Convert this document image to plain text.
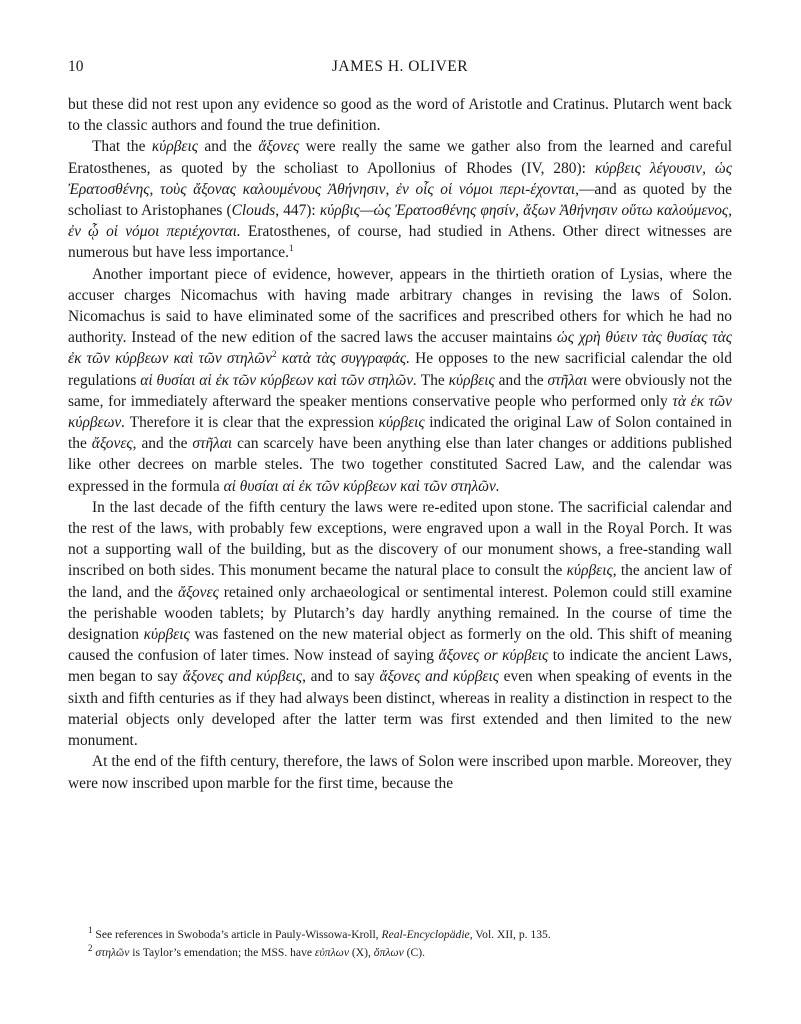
10	JAMES H. OLIVER

but these did not rest upon any evidence so good as the word of Aristotle and Cratinus. Plutarch went back to the classic authors and found the true definition.

That the κύρβεις and the ἄξονες were really the same we gather also from the learned and careful Eratosthenes, as quoted by the scholiast to Apollonius of Rhodes (IV, 280): κύρβεις λέγουσιν, ὡς Ἐρατοσθένης, τοὺς ἄξονας καλουμένους Ἀθήνησιν, ἐν οἷς οἱ νόμοι περι-έχονται,—and as quoted by the scholiast to Aristophanes (Clouds, 447): κύρβις—ὡς Ἐρατοσθένης φησίν, ἄξων Ἀθήνησιν οὕτω καλούμενος, ἐν ᾧ οἱ νόμοι περιέχονται. Eratosthenes, of course, had studied in Athens. Other direct witnesses are numerous but have less importance.$^1$

Another important piece of evidence, however, appears in the thirtieth oration of Lysias, where the accuser charges Nicomachus with having made arbitrary changes in revising the laws of Solon. Nicomachus is said to have eliminated some of the sacrifices and prescribed others for which he had no authority. Instead of the new edition of the sacred laws the accuser maintains ὡς χρὴ θύειν τὰς θυσίας τὰς ἐκ τῶν κύρβεων καὶ τῶν στηλῶν$^2$ κατὰ τὰς συγγραφάς. He opposes to the new sacrificial calendar the old regulations αἱ θυσίαι αἱ ἐκ τῶν κύρβεων καὶ τῶν στηλῶν. The κύρβεις and the στῆλαι were obviously not the same, for immediately afterward the speaker mentions conservative people who performed only τὰ ἐκ τῶν κύρβεων. Therefore it is clear that the expression κύρβεις indicated the original Law of Solon contained in the ἄξονες, and the στῆλαι can scarcely have been anything else than later changes or additions published like other decrees on marble steles. The two together constituted Sacred Law, and the calendar was expressed in the formula αἱ θυσίαι αἱ ἐκ τῶν κύρβεων καὶ τῶν στηλῶν.

In the last decade of the fifth century the laws were re-edited upon stone. The sacrificial calendar and the rest of the laws, with probably few exceptions, were engraved upon a wall in the Royal Porch. It was not a supporting wall of the building, but as the discovery of our monument shows, a free-standing wall inscribed on both sides. This monument became the natural place to consult the κύρβεις, the ancient law of the land, and the ἄξονες retained only archaeological or sentimental interest. Polemon could still examine the perishable wooden tablets; by Plutarch’s day hardly anything remained. In the course of time the designation κύρβεις was fastened on the new material object as formerly on the old. This shift of meaning caused the confusion of later times. Now instead of saying ἄξονες or κύρβεις to indicate the ancient Laws, men began to say ἄξονες and κύρβεις, and to say ἄξονες and κύρβεις even when speaking of events in the sixth and fifth centuries as if they had always been distinct, whereas in reality a distinction in respect to the material objects only developed after the latter term was first extended and then limited to the new monument.

At the end of the fifth century, therefore, the laws of Solon were inscribed upon marble. Moreover, they were now inscribed upon marble for the first time, because the

$^1$ See references in Swoboda’s article in Pauly-Wissowa-Kroll, Real-Encyclopädie, Vol. XII, p. 135.

$^2$ στηλῶν is Taylor’s emendation; the MSS. have εὐπλων (X), ὅπλων (C).
